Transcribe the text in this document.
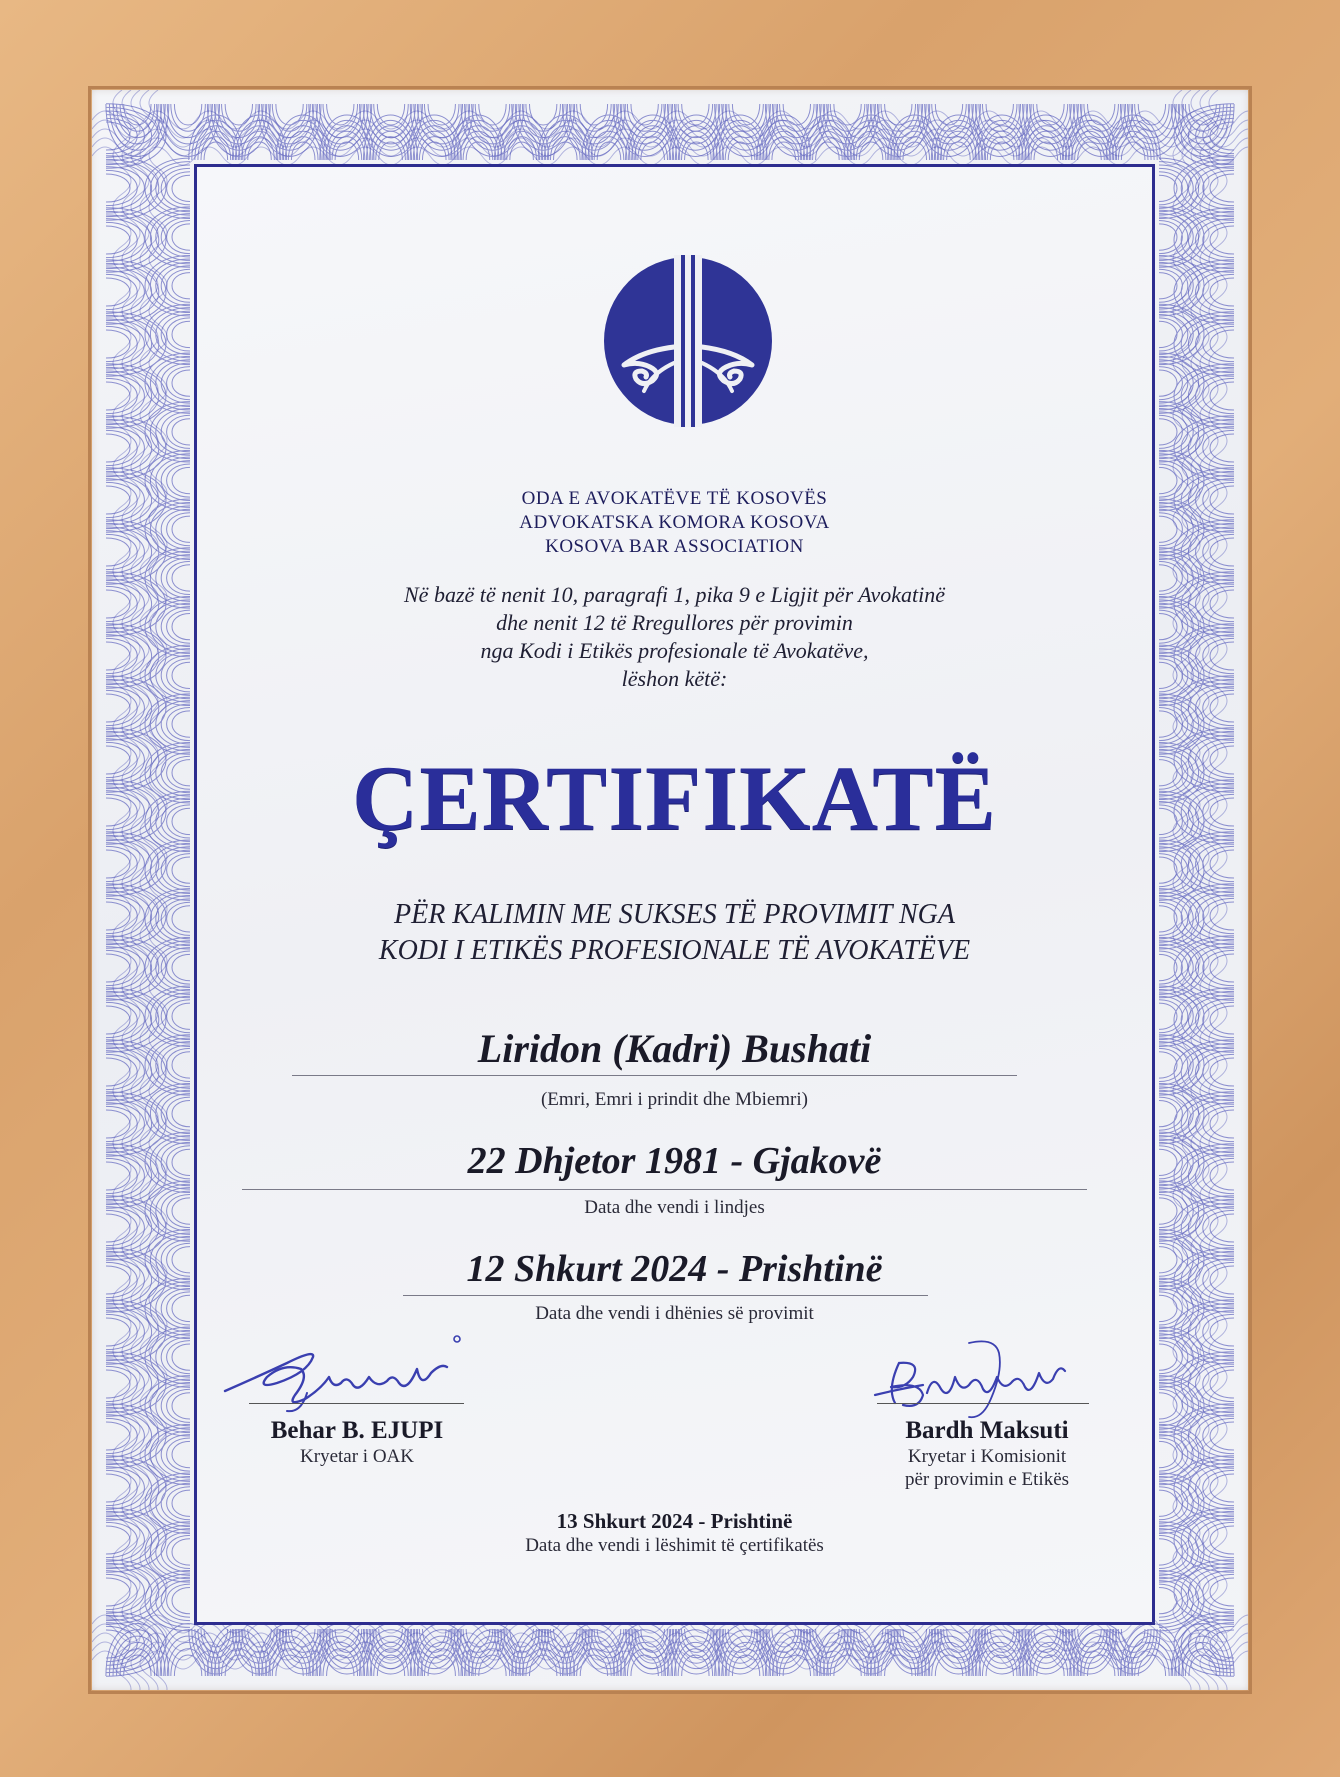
ODA E AVOKATËVE TË KOSOVËS
ADVOKATSKA KOMORA KOSOVA
KOSOVA BAR ASSOCIATION
Në bazë të nenit 10, paragrafi 1, pika 9 e Ligjit për Avokatinë
dhe nenit 12 të Rregullores për provimin
nga Kodi i Etikës profesionale të Avokatëve,
lëshon këtë:
ÇERTIFIKATË
PËR KALIMIN ME SUKSES TË PROVIMIT NGA
KODI I ETIKËS PROFESIONALE TË AVOKATËVE
Liridon (Kadri) Bushati
(Emri, Emri i prindit dhe Mbiemri)
22 Dhjetor 1981 - Gjakovë
Data dhe vendi i lindjes
12 Shkurt 2024 - Prishtinë
Data dhe vendi i dhënies së provimit
Behar B. EJUPI
Kryetar i OAK
Bardh Maksuti
Kryetar i Komisionit
për provimin e Etikës
13 Shkurt 2024 - Prishtinë
Data dhe vendi i lëshimit të çertifikatës
